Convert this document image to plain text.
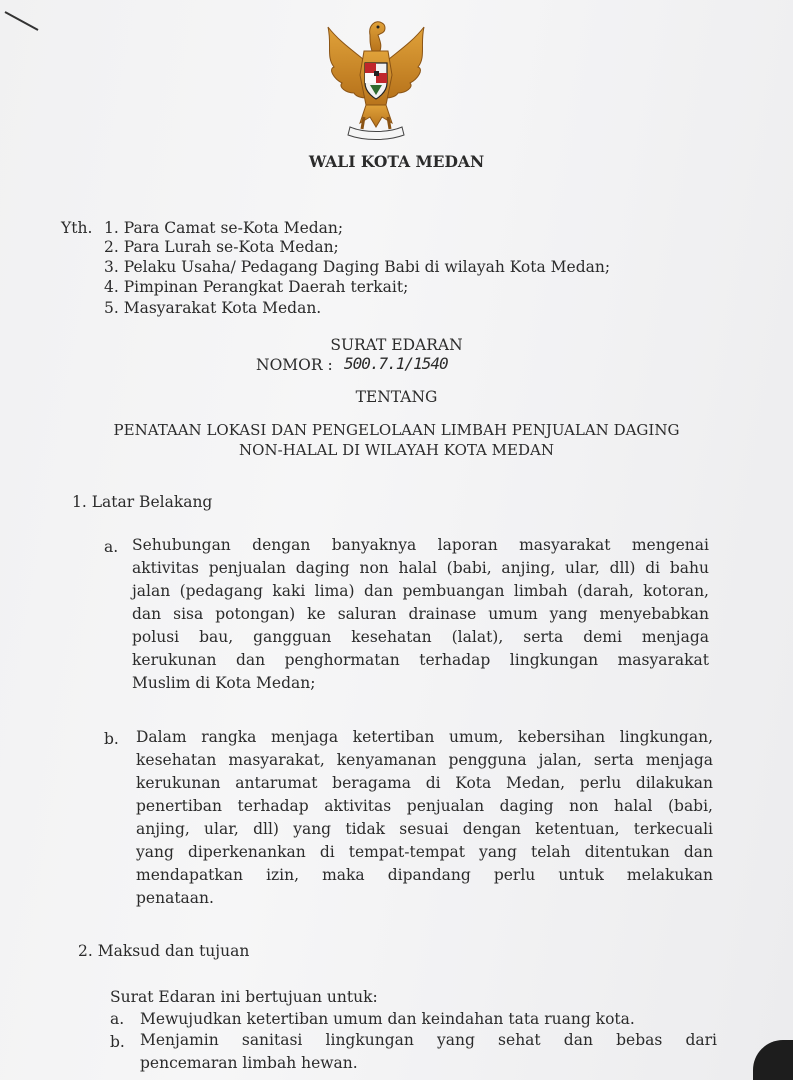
WALI KOTA MEDAN
Yth. 1. Para Camat se-Kota Medan;
2. Para Lurah se-Kota Medan;
3. Pelaku Usaha/ Pedagang Daging Babi di wilayah Kota Medan;
4. Pimpinan Perangkat Daerah terkait;
5. Masyarakat Kota Medan.
SURAT EDARAN
NOMOR : 500.7.1/1540
TENTANG
PENATAAN LOKASI DAN PENGELOLAAN LIMBAH PENJUALAN DAGING
NON-HALAL DI WILAYAH KOTA MEDAN
1. Latar Belakang
a. Sehubungan dengan banyaknya laporan masyarakat mengenai
aktivitas penjualan daging non halal (babi, anjing, ular, dll) di bahu
jalan (pedagang kaki lima) dan pembuangan limbah (darah, kotoran,
dan sisa potongan) ke saluran drainase umum yang menyebabkan
polusi bau, gangguan kesehatan (lalat), serta demi menjaga
kerukunan dan penghormatan terhadap lingkungan masyarakat
Muslim di Kota Medan;
b. Dalam rangka menjaga ketertiban umum, kebersihan lingkungan,
kesehatan masyarakat, kenyamanan pengguna jalan, serta menjaga
kerukunan antarumat beragama di Kota Medan, perlu dilakukan
penertiban terhadap aktivitas penjualan daging non halal (babi,
anjing, ular, dll) yang tidak sesuai dengan ketentuan, terkecuali
yang diperkenankan di tempat-tempat yang telah ditentukan dan
mendapatkan izin, maka dipandang perlu untuk melakukan
penataan.
2. Maksud dan tujuan
Surat Edaran ini bertujuan untuk:
a. Mewujudkan ketertiban umum dan keindahan tata ruang kota.
b. Menjamin sanitasi lingkungan yang sehat dan bebas dari
pencemaran limbah hewan.
